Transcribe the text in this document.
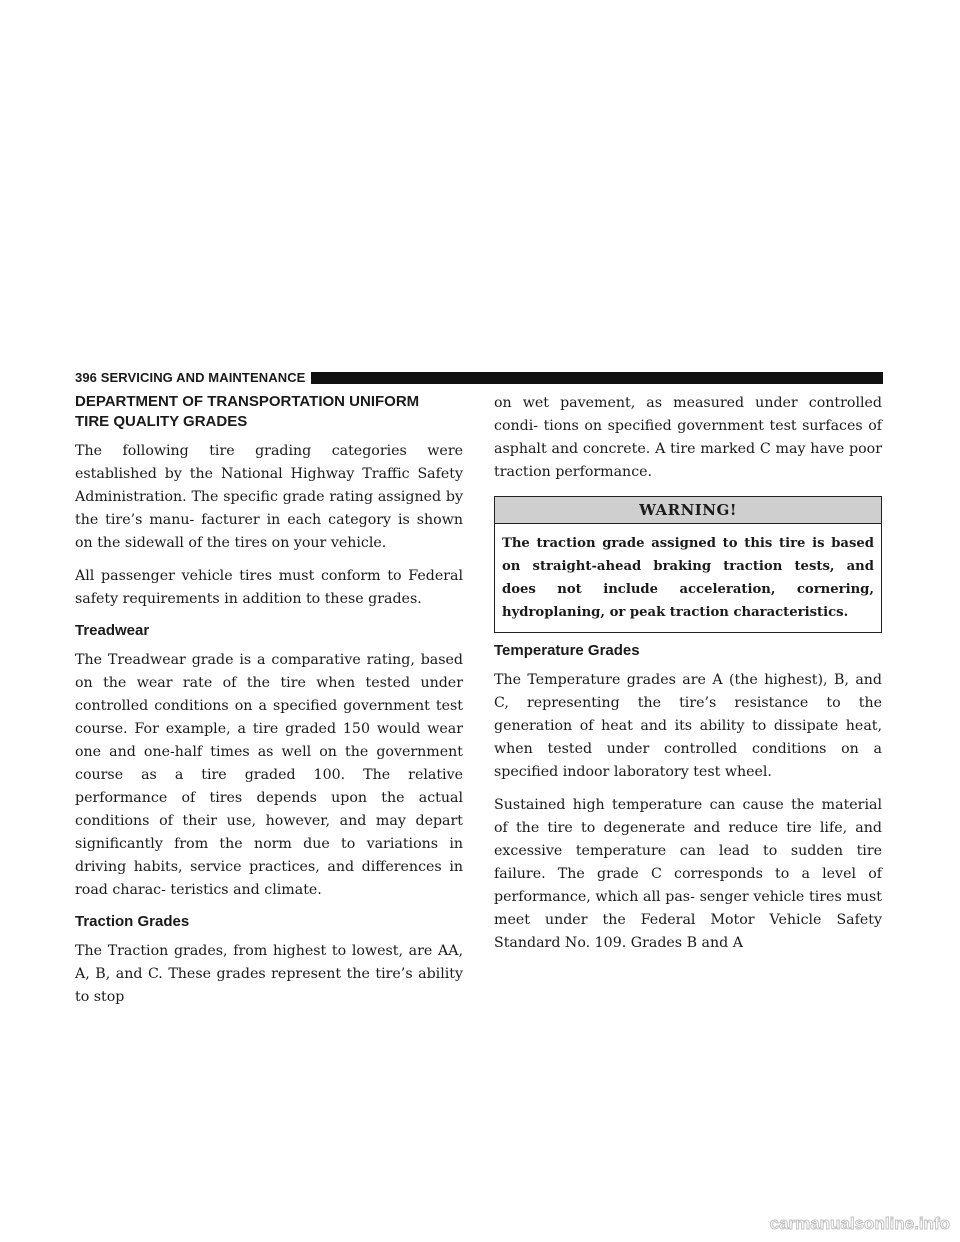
396 SERVICING AND MAINTENANCE
DEPARTMENT OF TRANSPORTATION UNIFORM
TIRE QUALITY GRADES

The following tire grading categories were established by the National Highway Traffic Safety Administration. The specific grade rating assigned by the tire’s manu- facturer in each category is shown on the sidewall of the tires on your vehicle.

All passenger vehicle tires must conform to Federal safety requirements in addition to these grades.

Treadwear

The Treadwear grade is a comparative rating, based on the wear rate of the tire when tested under controlled conditions on a specified government test course. For example, a tire graded 150 would wear one and one-half times as well on the government course as a tire graded 100. The relative performance of tires depends upon the actual conditions of their use, however, and may depart significantly from the norm due to variations in driving habits, service practices, and differences in road charac- teristics and climate.

Traction Grades

The Traction grades, from highest to lowest, are AA, A, B, and C. These grades represent the tire’s ability to stop

on wet pavement, as measured under controlled condi- tions on specified government test surfaces of asphalt and concrete. A tire marked C may have poor traction performance.

WARNING!
The traction grade assigned to this tire is based on straight-ahead braking traction tests, and does not include acceleration, cornering, hydroplaning, or peak traction characteristics.
Temperature Grades

The Temperature grades are A (the highest), B, and C, representing the tire’s resistance to the generation of heat and its ability to dissipate heat, when tested under controlled conditions on a specified indoor laboratory test wheel.

Sustained high temperature can cause the material of the tire to degenerate and reduce tire life, and excessive temperature can lead to sudden tire failure. The grade C corresponds to a level of performance, which all pas- senger vehicle tires must meet under the Federal Motor Vehicle Safety Standard No. 109. Grades B and A

carmanualsonline.info
